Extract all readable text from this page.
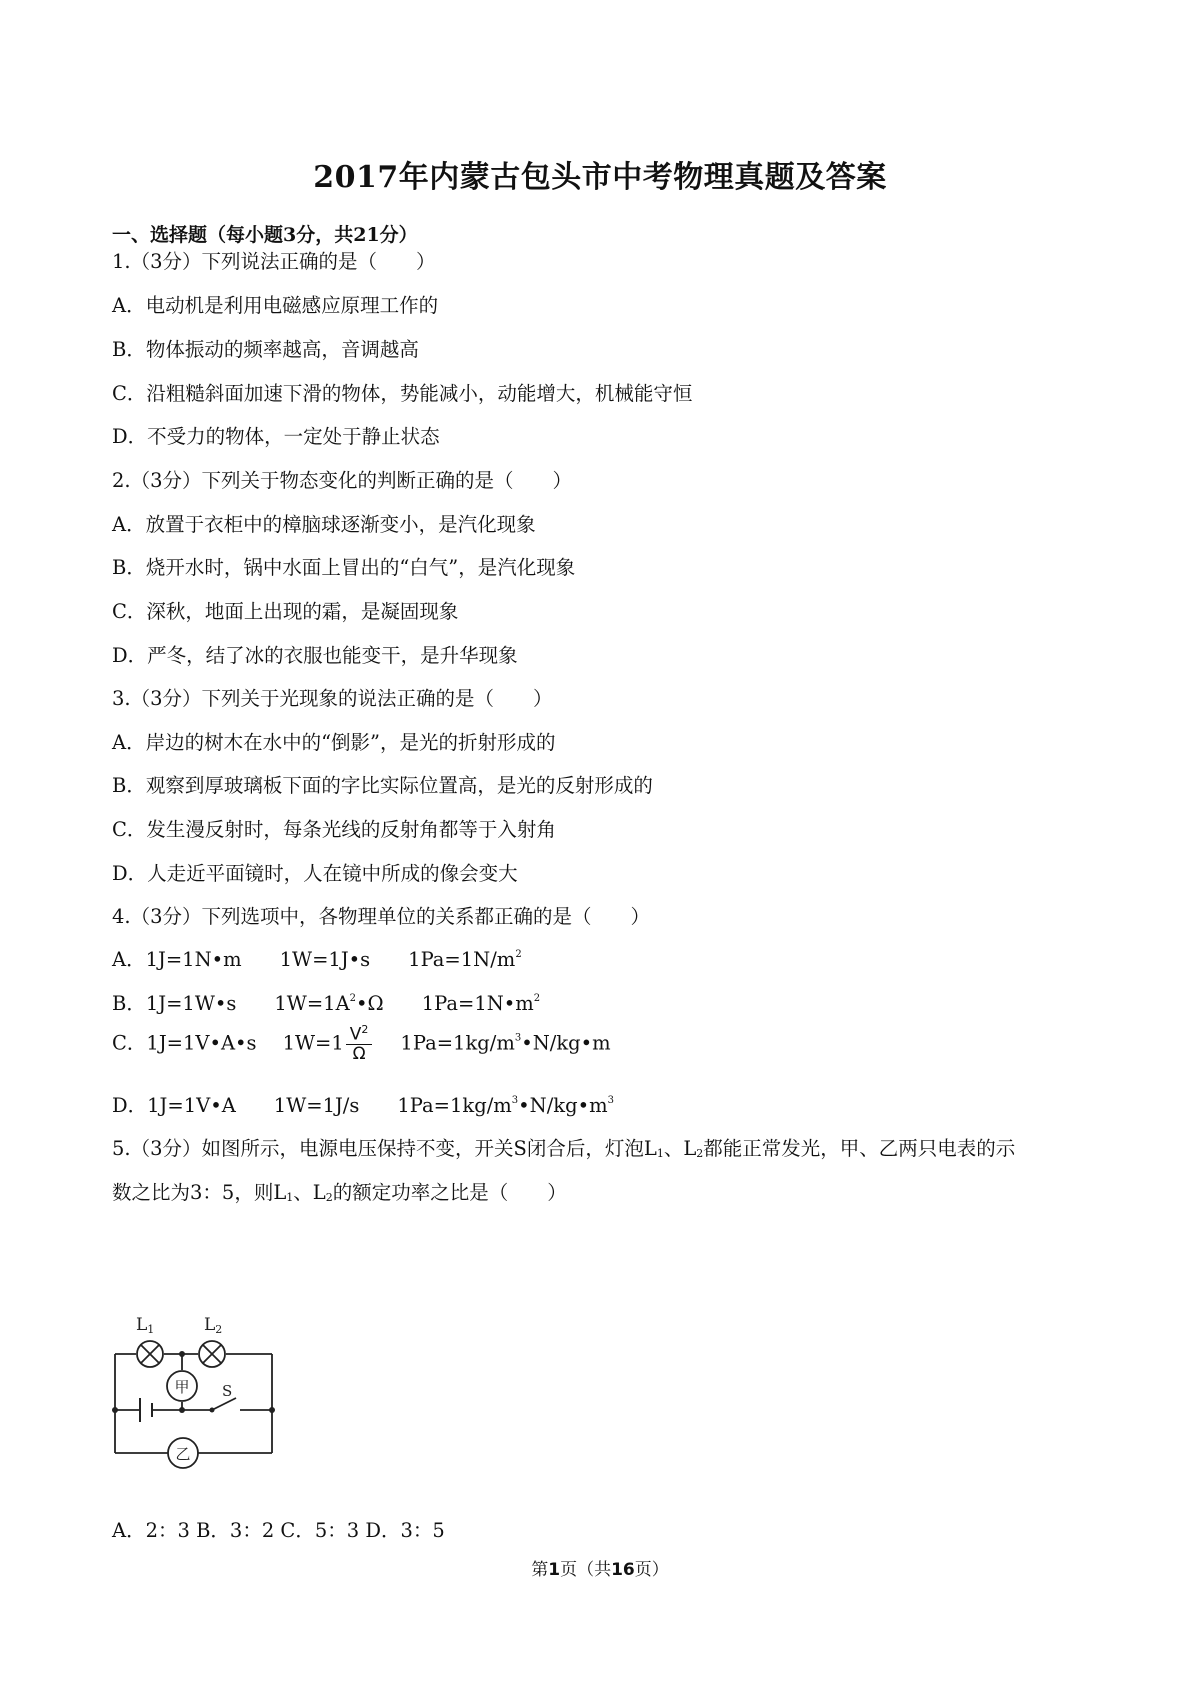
2017年内蒙古包头市中考物理真题及答案
一、选择题（每小题3分，共21分）
1.（3分）下列说法正确的是（　　）
A．电动机是利用电磁感应原理工作的
B．物体振动的频率越高，音调越高
C．沿粗糙斜面加速下滑的物体，势能减小，动能增大，机械能守恒
D．不受力的物体，一定处于静止状态
2.（3分）下列关于物态变化的判断正确的是（　　）
A．放置于衣柜中的樟脑球逐渐变小，是汽化现象
B．烧开水时，锅中水面上冒出的“白气”，是汽化现象
C．深秋，地面上出现的霜，是凝固现象
D．严冬，结了冰的衣服也能变干，是升华现象
3.（3分）下列关于光现象的说法正确的是（　　）
A．岸边的树木在水中的“倒影”，是光的折射形成的
B．观察到厚玻璃板下面的字比实际位置高，是光的反射形成的
C．发生漫反射时，每条光线的反射角都等于入射角
D．人走近平面镜时，人在镜中所成的像会变大
4.（3分）下列选项中，各物理单位的关系都正确的是（　　）
A．1J=1N•m 1W=1J•s $1Pa=1N/m^2$
B．1J=1W•s $1W=1A^2•\Omega$ $1Pa=1N•m^2$
C．1J=1V•A•s $1W=1 \frac{V^2}{\Omega}$ $1Pa=1kg/m^3•N/kg•m$
D．1J=1V•A 1W=1J/s $1Pa=1kg/m^3•N/kg•m^3$
5.（3分）如图所示，电源电压保持不变，开关S闭合后，灯泡L1、L2都能正常发光，甲、乙两只电表的示
数之比为3：5，则L1、L2的额定功率之比是（　　）
L1	L2
甲
乙
S
A．2：3 B．3：2 C．5：3 D．3：5
第1页（共16页）
